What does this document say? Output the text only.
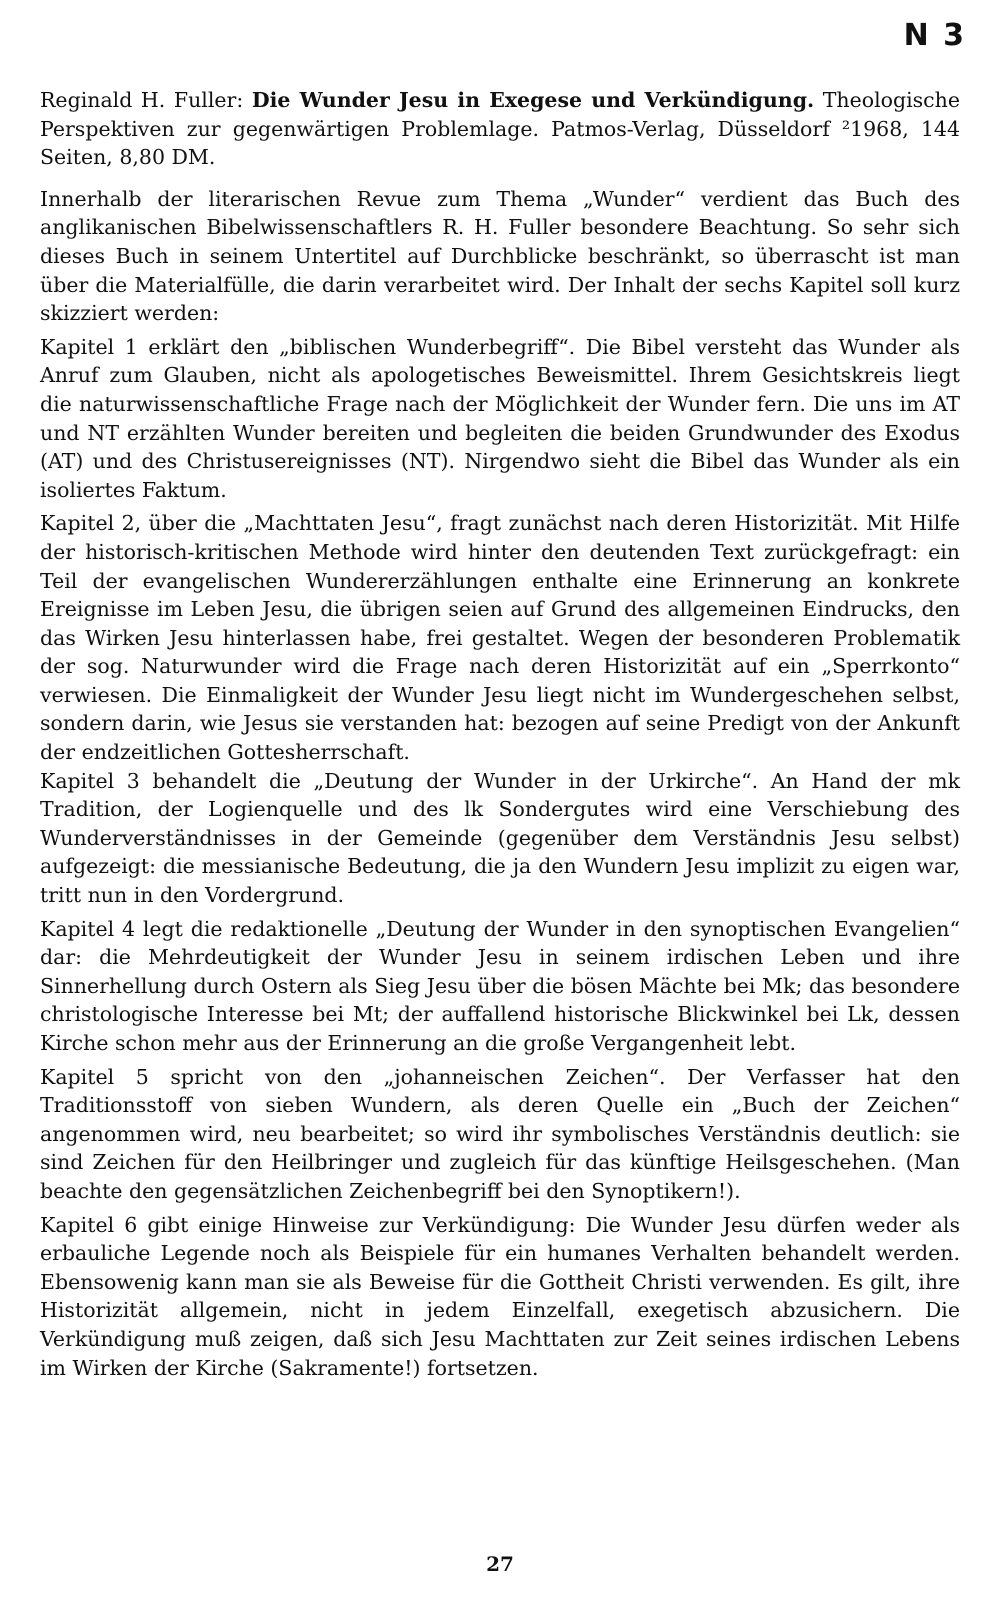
N 3

Reginald H. Fuller: Die Wunder Jesu in Exegese und Verkündigung. Theologische Perspektiven zur gegenwärtigen Problemlage. Patmos-Verlag, Düsseldorf ²1968, 144 Seiten, 8,80 DM.

Innerhalb der literarischen Revue zum Thema „Wunder“ verdient das Buch des anglikanischen Bibelwissenschaftlers R. H. Fuller besondere Beachtung. So sehr sich dieses Buch in seinem Untertitel auf Durchblicke beschränkt, so überrascht ist man über die Materialfülle, die darin verarbeitet wird. Der Inhalt der sechs Kapitel soll kurz skizziert werden:

Kapitel 1 erklärt den „biblischen Wunderbegriff“. Die Bibel versteht das Wunder als Anruf zum Glauben, nicht als apologetisches Beweismittel. Ihrem Gesichtskreis liegt die naturwissenschaftliche Frage nach der Möglichkeit der Wunder fern. Die uns im AT und NT erzählten Wunder bereiten und begleiten die beiden Grundwunder des Exodus (AT) und des Christusereignisses (NT). Nirgendwo sieht die Bibel das Wunder als ein isoliertes Faktum.

Kapitel 2, über die „Machttaten Jesu“, fragt zunächst nach deren Historizität. Mit Hilfe der historisch-kritischen Methode wird hinter den deutenden Text zurückgefragt: ein Teil der evangelischen Wundererzählungen enthalte eine Erinnerung an konkrete Ereignisse im Leben Jesu, die übrigen seien auf Grund des allgemeinen Eindrucks, den das Wirken Jesu hinterlassen habe, frei gestaltet. Wegen der besonderen Problematik der sog. Naturwunder wird die Frage nach deren Historizität auf ein „Sperrkonto“ verwiesen. Die Einmaligkeit der Wunder Jesu liegt nicht im Wundergeschehen selbst, sondern darin, wie Jesus sie verstanden hat: bezogen auf seine Predigt von der Ankunft der endzeitlichen Gottesherrschaft.

Kapitel 3 behandelt die „Deutung der Wunder in der Urkirche“. An Hand der mk Tradition, der Logienquelle und des lk Sondergutes wird eine Verschiebung des Wunderverständnisses in der Gemeinde (gegenüber dem Verständnis Jesu selbst) aufgezeigt: die messianische Bedeutung, die ja den Wundern Jesu implizit zu eigen war, tritt nun in den Vordergrund.

Kapitel 4 legt die redaktionelle „Deutung der Wunder in den synoptischen Evangelien“ dar: die Mehrdeutigkeit der Wunder Jesu in seinem irdischen Leben und ihre Sinnerhellung durch Ostern als Sieg Jesu über die bösen Mächte bei Mk; das besondere christologische Interesse bei Mt; der auffallend historische Blickwinkel bei Lk, dessen Kirche schon mehr aus der Erinnerung an die große Vergangenheit lebt.

Kapitel 5 spricht von den „johanneischen Zeichen“. Der Verfasser hat den Traditionsstoff von sieben Wundern, als deren Quelle ein „Buch der Zeichen“ angenommen wird, neu bearbeitet; so wird ihr symbolisches Verständnis deutlich: sie sind Zeichen für den Heilbringer und zugleich für das künftige Heilsgeschehen. (Man beachte den gegensätzlichen Zeichenbegriff bei den Synoptikern!).

Kapitel 6 gibt einige Hinweise zur Verkündigung: Die Wunder Jesu dürfen weder als erbauliche Legende noch als Beispiele für ein humanes Verhalten behandelt werden. Ebensowenig kann man sie als Beweise für die Gottheit Christi verwenden. Es gilt, ihre Historizität allgemein, nicht in jedem Einzelfall, exegetisch abzusichern. Die Verkündigung muß zeigen, daß sich Jesu Machttaten zur Zeit seines irdischen Lebens im Wirken der Kirche (Sakramente!) fortsetzen.

27
